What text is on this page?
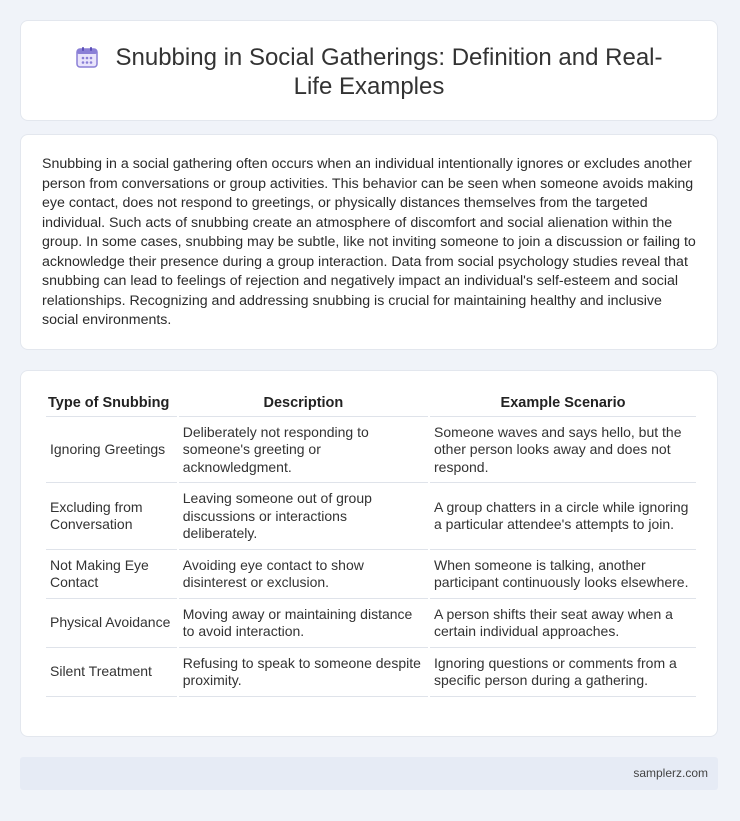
Snubbing in Social Gatherings: Definition and Real-Life Examples

Snubbing in a social gathering often occurs when an individual intentionally ignores or excludes another person from conversations or group activities. This behavior can be seen when someone avoids making eye contact, does not respond to greetings, or physically distances themselves from the targeted individual. Such acts of snubbing create an atmosphere of discomfort and social alienation within the group. In some cases, snubbing may be subtle, like not inviting someone to join a discussion or failing to acknowledge their presence during a group interaction. Data from social psychology studies reveal that snubbing can lead to feelings of rejection and negatively impact an individual's self-esteem and social relationships. Recognizing and addressing snubbing is crucial for maintaining healthy and inclusive social environments.

Type of Snubbing	Description	Example Scenario
Ignoring Greetings	Deliberately not responding to someone's greeting or acknowledgment.	Someone waves and says hello, but the other person looks away and does not respond.
Excluding from Conversation	Leaving someone out of group discussions or interactions deliberately.	A group chatters in a circle while ignoring a particular attendee's attempts to join.
Not Making Eye Contact	Avoiding eye contact to show disinterest or exclusion.	When someone is talking, another participant continuously looks elsewhere.
Physical Avoidance	Moving away or maintaining distance to avoid interaction.	A person shifts their seat away when a certain individual approaches.
Silent Treatment	Refusing to speak to someone despite proximity.	Ignoring questions or comments from a specific person during a gathering.
samplerz.com
